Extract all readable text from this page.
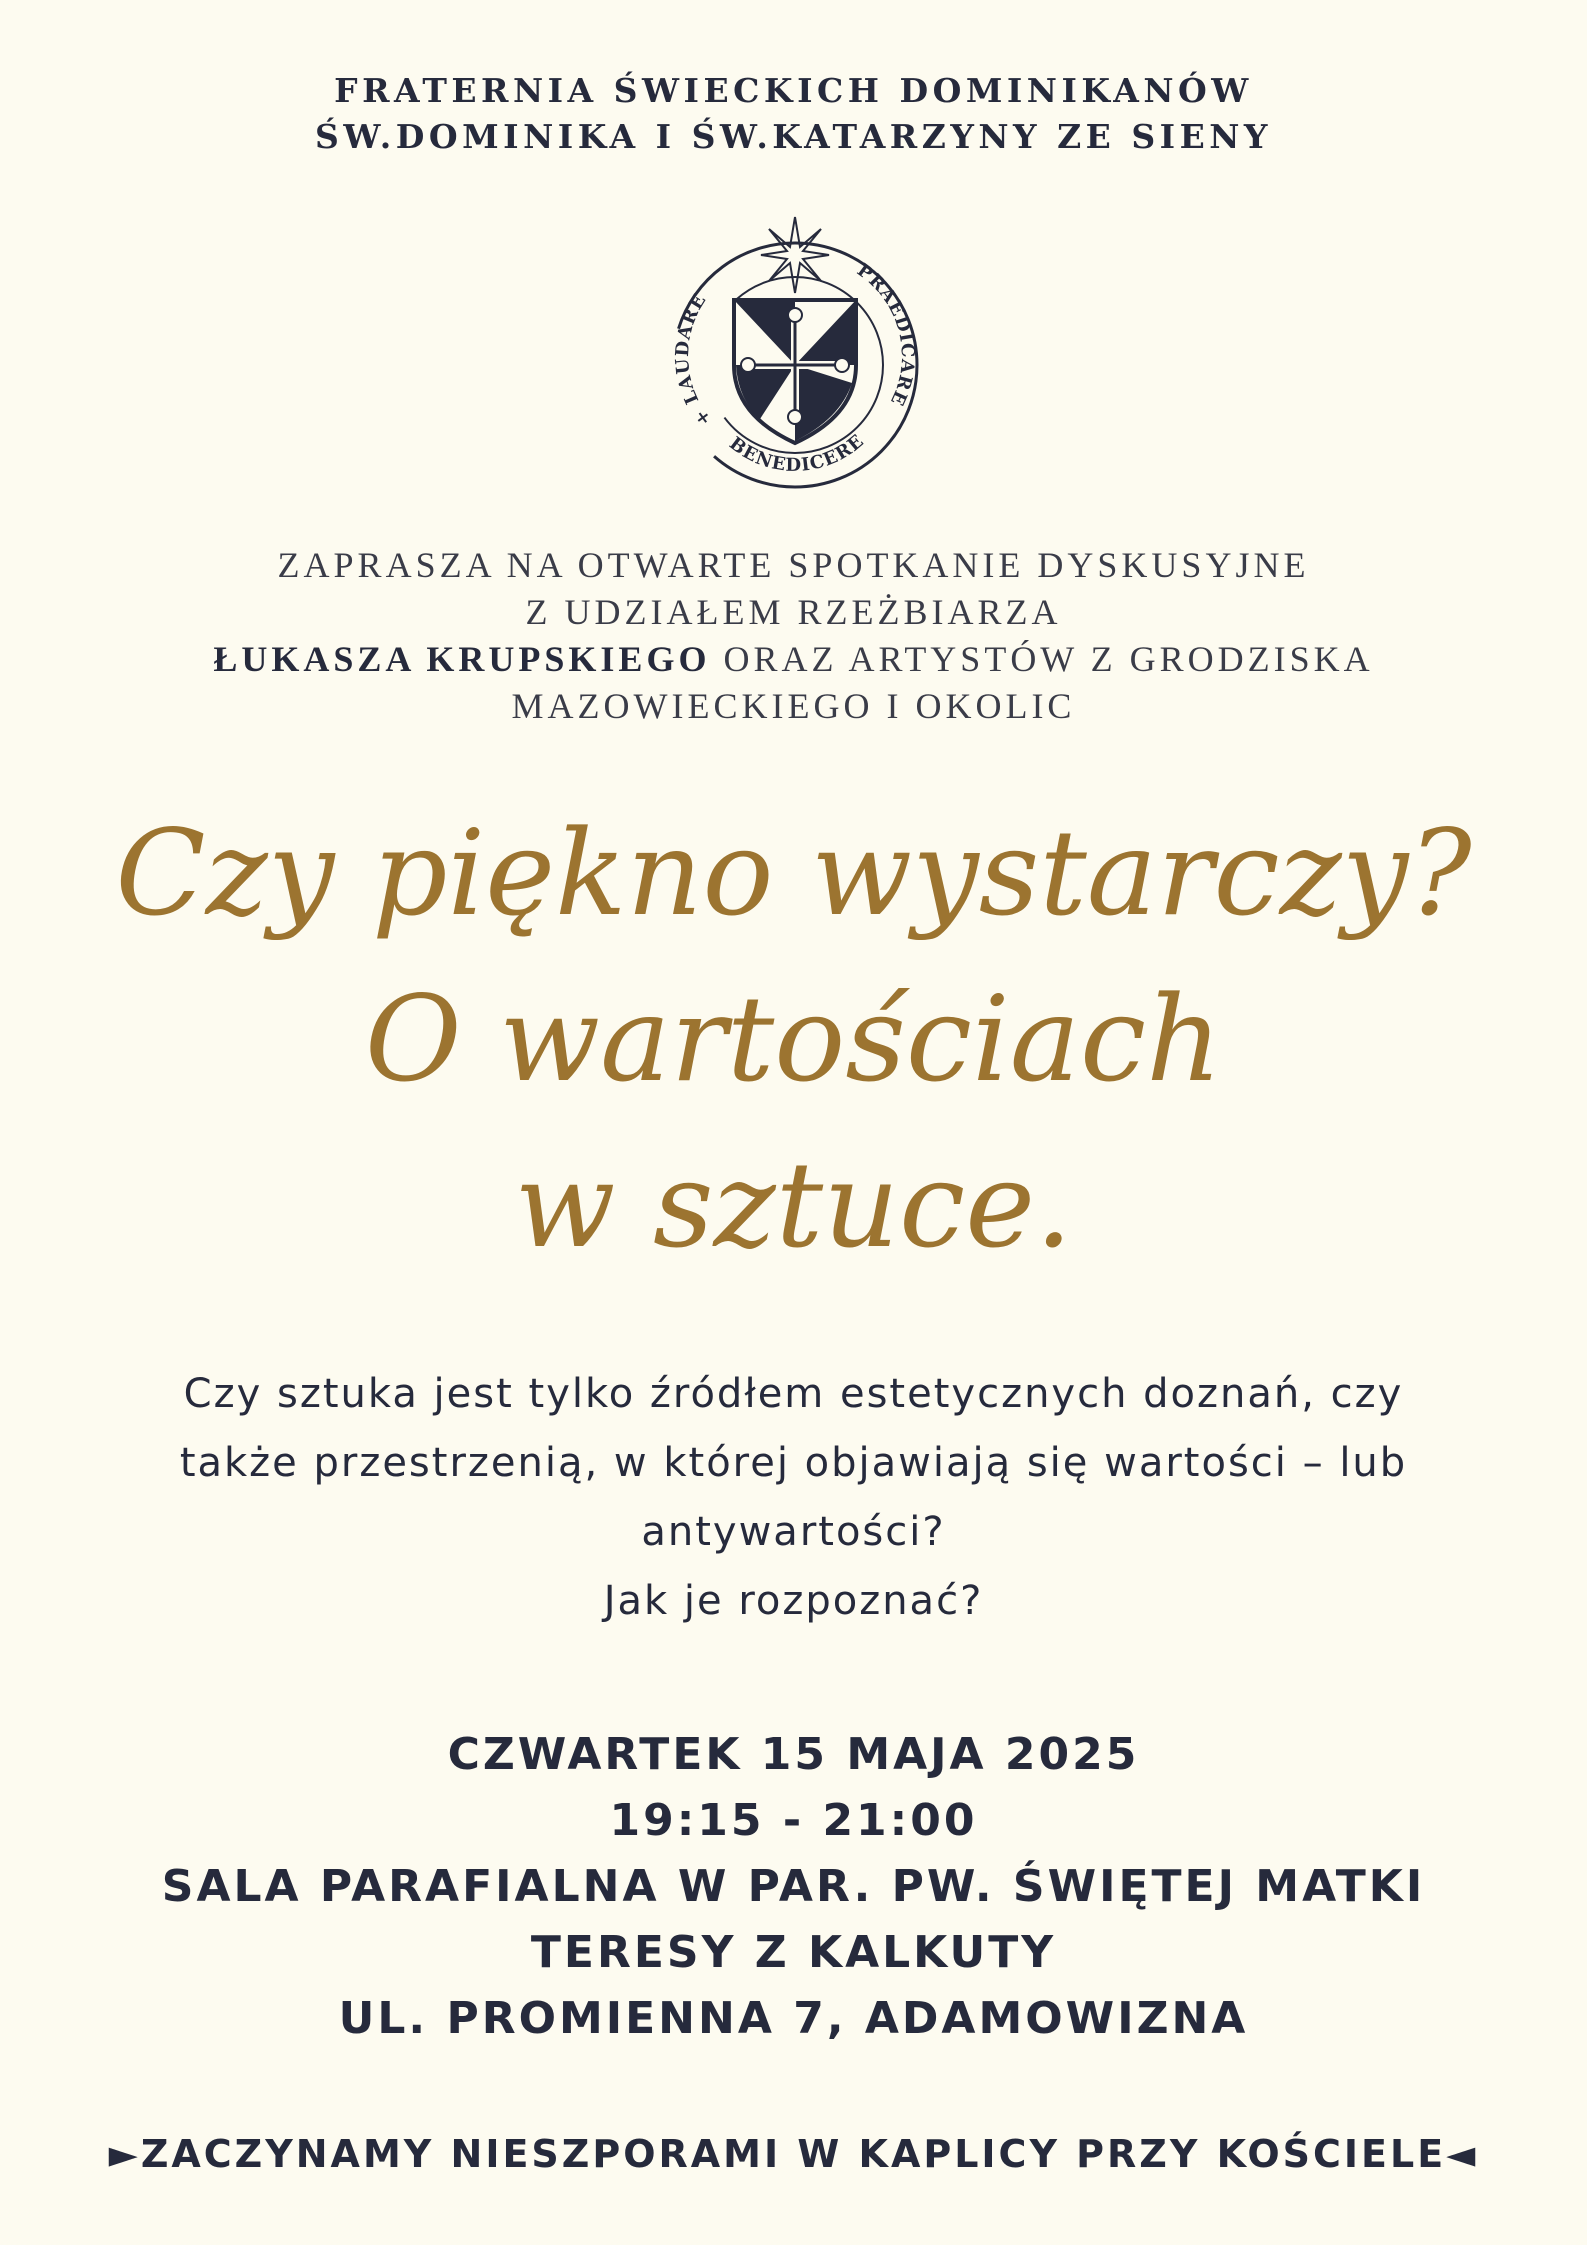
FRATERNIA ŚWIECKICH DOMINIKANÓW
ŚW.DOMINIKA I ŚW.KATARZYNY ZE SIENY
+ LAUDARE
PRAEDICARE
BENEDICERE
ZAPRASZA NA OTWARTE SPOTKANIE DYSKUSYJNE
Z UDZIAŁEM RZEŻBIARZA
ŁUKASZA KRUPSKIEGO ORAZ ARTYSTÓW Z GRODZISKA
MAZOWIECKIEGO I OKOLIC
Czy piękno wystarczy?
O wartościach
w sztuce.
Czy sztuka jest tylko źródłem estetycznych doznań, czy
także przestrzenią, w której objawiają się wartości – lub
antywartości?
Jak je rozpoznać?
CZWARTEK 15 MAJA 2025
19:15 - 21:00
SALA PARAFIALNA W PAR. PW. ŚWIĘTEJ MATKI
TERESY Z KALKUTY
UL. PROMIENNA 7, ADAMOWIZNA
►ZACZYNAMY NIESZPORAMI W KAPLICY PRZY KOŚCIELE◄
